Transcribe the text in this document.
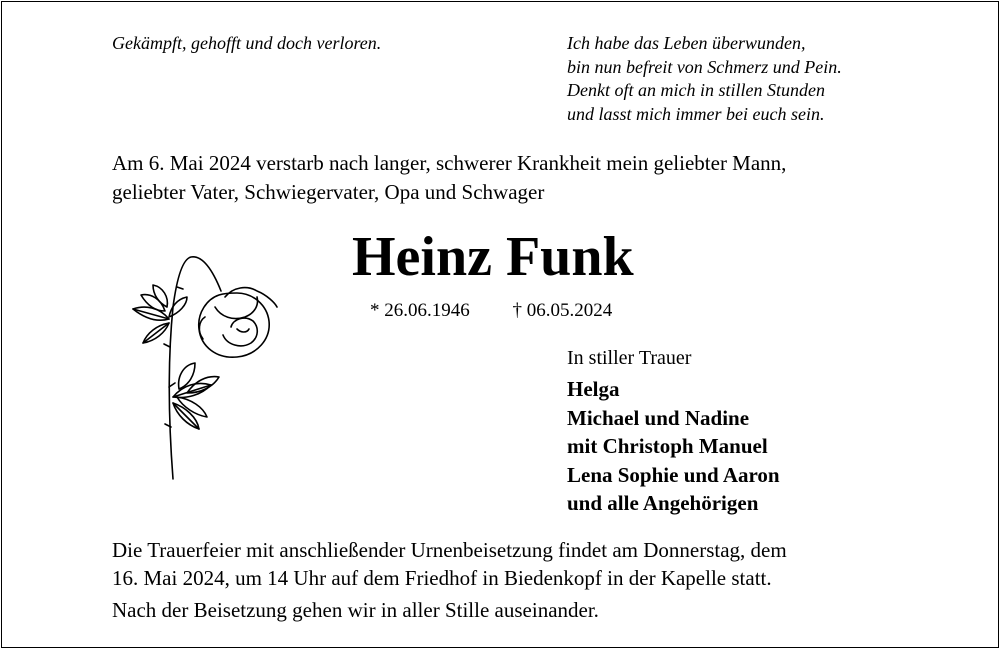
Gekämpft, gehofft und doch verloren.	Ich habe das Leben überwunden,
bin nun befreit von Schmerz und Pein.
Denkt oft an mich in stillen Stunden
und lasst mich immer bei euch sein.
Am 6. Mai 2024 verstarb nach langer, schwerer Krankheit mein geliebter Mann,
geliebter Vater, Schwiegervater, Opa und Schwager
Heinz Funk
* 26.06.1946 † 06.05.2024
In stiller Trauer
Helga
Michael und Nadine
mit Christoph Manuel
Lena Sophie und Aaron
und alle Angehörigen
Die Trauerfeier mit anschließender Urnenbeisetzung findet am Donnerstag, dem
16. Mai 2024, um 14 Uhr auf dem Friedhof in Biedenkopf in der Kapelle statt.
Nach der Beisetzung gehen wir in aller Stille auseinander.
